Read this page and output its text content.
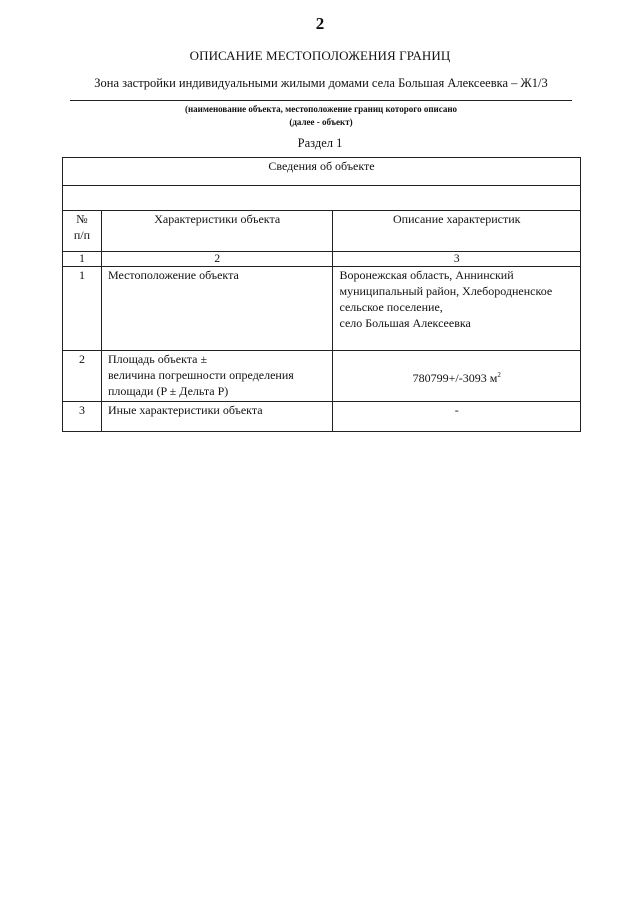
2
ОПИСАНИЕ МЕСТОПОЛОЖЕНИЯ ГРАНИЦ
Зона застройки индивидуальными жилыми домами села Большая Алексеевка – Ж1/3
(наименование объекта, местоположение границ которого описано
(далее - объект)
Раздел 1
Сведения об объекте		

№
п/п	Характеристики объекта	Описание характеристик
1	2	3
1	Местоположение объекта	Воронежская область, Аннинский
муниципальный район, Хлебородненское
сельское поселение,
село Большая Алексеевка

2	Площадь объекта ±
величина погрешности определения
площади (P ± Дельта P)	780799+/-3093 $м^2$
3	Иные характеристики объекта	-
